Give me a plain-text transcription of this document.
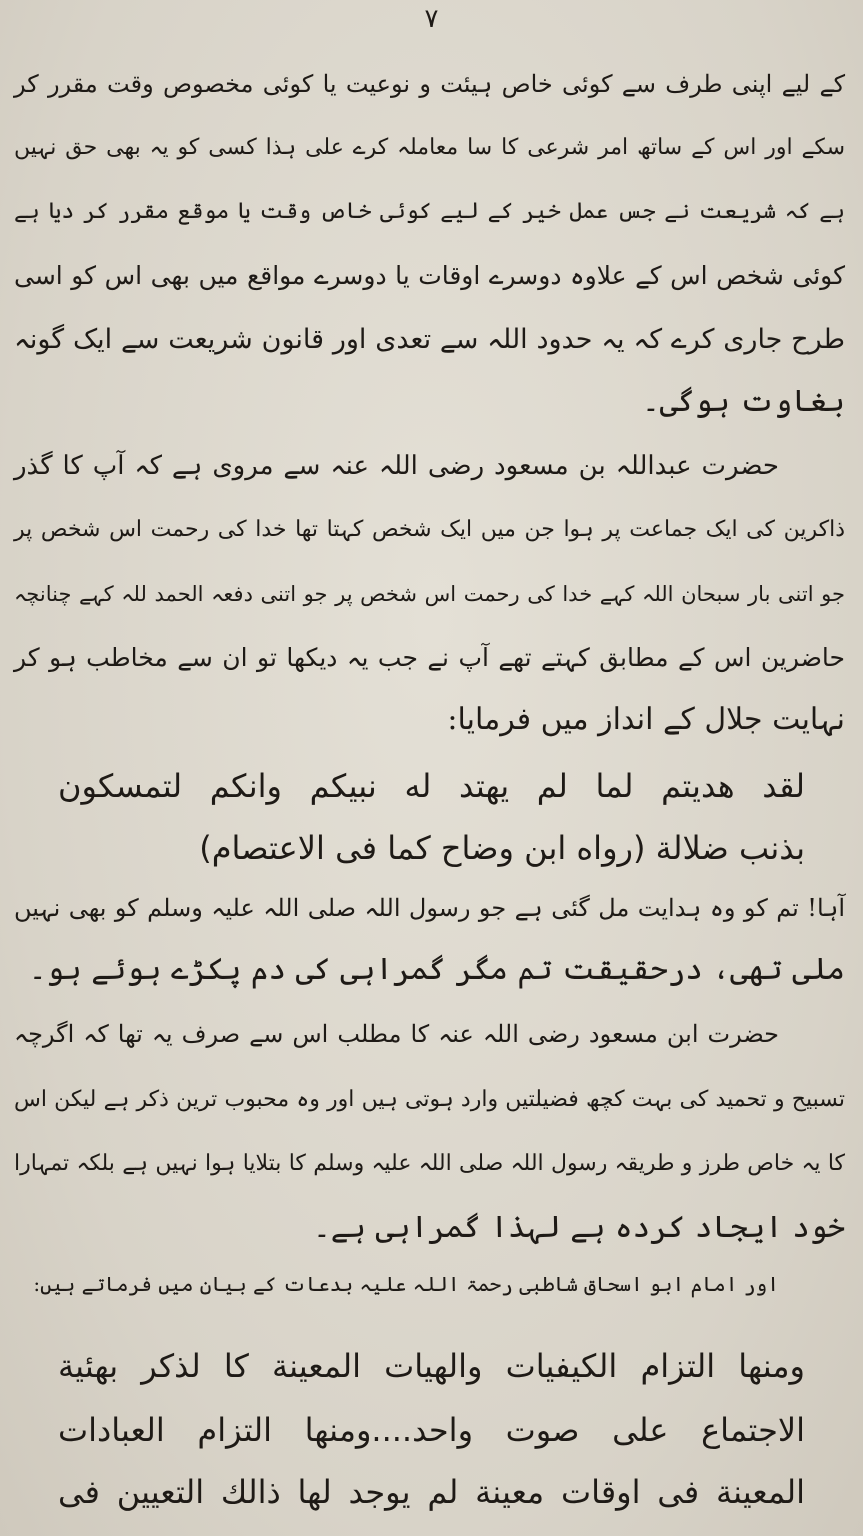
۷
کے لیے اپنی طرف سے کوئی خاص ہیئت و نوعیت یا کوئی مخصوص وقت مقرر کر
سکے اور اس کے ساتھ امر شرعی کا سا معاملہ کرے علی ہذا کسی کو یہ بھی حق نہیں
ہے کہ شریعت نے جس عمل خیر کے لیے کوئی خاص وقت یا موقع مقرر کر دیا ہے
کوئی شخص اس کے علاوہ دوسرے اوقات یا دوسرے مواقع میں بھی اس کو اسی
طرح جاری کرے کہ یہ حدود اللہ سے تعدی اور قانون شریعت سے ایک گونہ
بغاوت ہوگی۔
حضرت عبداللہ بن مسعود رضی اللہ عنہ سے مروی ہے کہ آپ کا گذر
ذاکرین کی ایک جماعت پر ہوا جن میں ایک شخص کہتا تھا خدا کی رحمت اس شخص پر
جو اتنی بار سبحان اللہ کہے خدا کی رحمت اس شخص پر جو اتنی دفعہ الحمد للہ کہے چنانچہ
حاضرین اس کے مطابق کہتے تھے آپ نے جب یہ دیکھا تو ان سے مخاطب ہو کر
نہایت جلال کے انداز میں فرمایا:
لقد هديتم لما لم يهتد له نبيكم وانكم لتمسكون
بذنب ضلالة (رواه ابن وضاح كما فى الاعتصام)
آہا! تم کو وہ ہدایت مل گئی ہے جو رسول اللہ صلی اللہ علیہ وسلم کو بھی نہیں
ملی تھی، درحقیقت تم مگر گمراہی کی دم پکڑے ہوئے ہو۔
حضرت ابن مسعود رضی اللہ عنہ کا مطلب اس سے صرف یہ تھا کہ اگرچہ
تسبیح و تحمید کی بہت کچھ فضیلتیں وارد ہوتی ہیں اور وہ محبوب ترین ذکر ہے لیکن اس
کا یہ خاص طرز و طریقہ رسول اللہ صلی اللہ علیہ وسلم کا بتلایا ہوا نہیں ہے بلکہ تمہارا
خود ایجاد کردہ ہے لہذا گمراہی ہے۔
اور امام ابو اسحاق شاطبی رحمۃ اللہ علیہ بدعات کے بیان میں فرماتے ہیں:
ومنها التزام الكيفيات والهيات المعينة كا لذكر بهئية
الاجتماع على صوت واحد....ومنها التزام العبادات
المعينة فى اوقات معينة لم يوجد لها ذالك التعيين فى
